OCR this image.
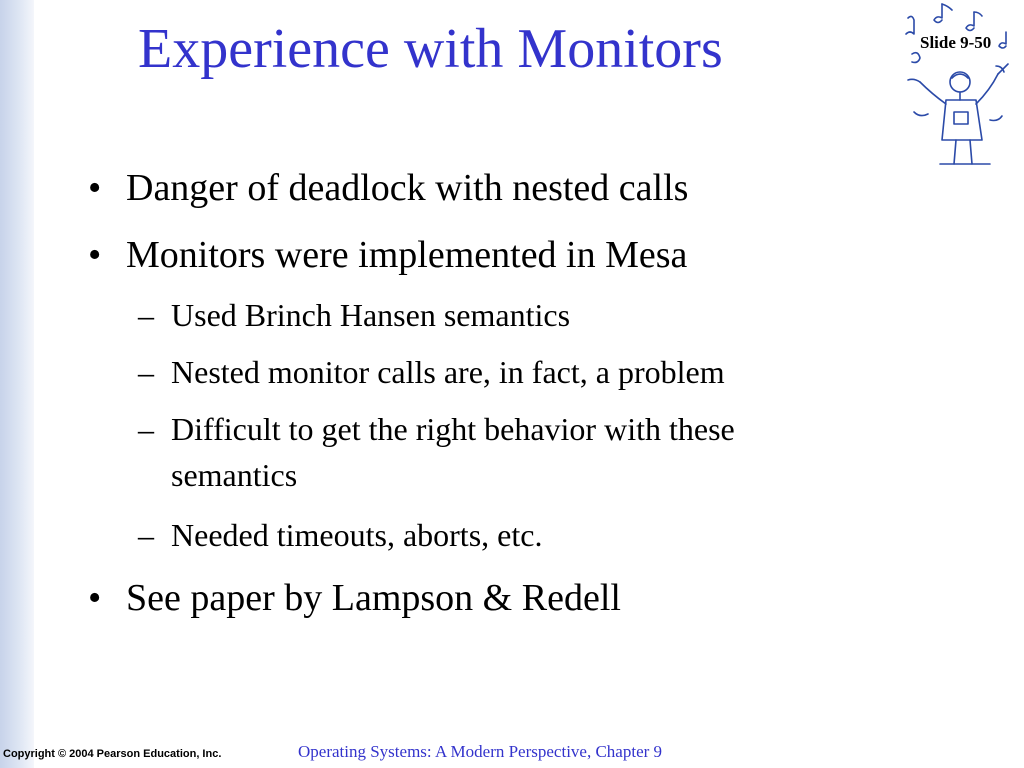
Experience with Monitors	Slide 9-50
• Danger of deadlock with nested calls
• Monitors were implemented in Mesa
– Used Brinch Hansen semantics
– Nested monitor calls are, in fact, a problem
– Difficult to get the right behavior with these
semantics
– Needed timeouts, aborts, etc.
• See paper by Lampson & Redell
Copyright © 2004 Pearson Education, Inc.	Operating Systems: A Modern Perspective, Chapter 9
